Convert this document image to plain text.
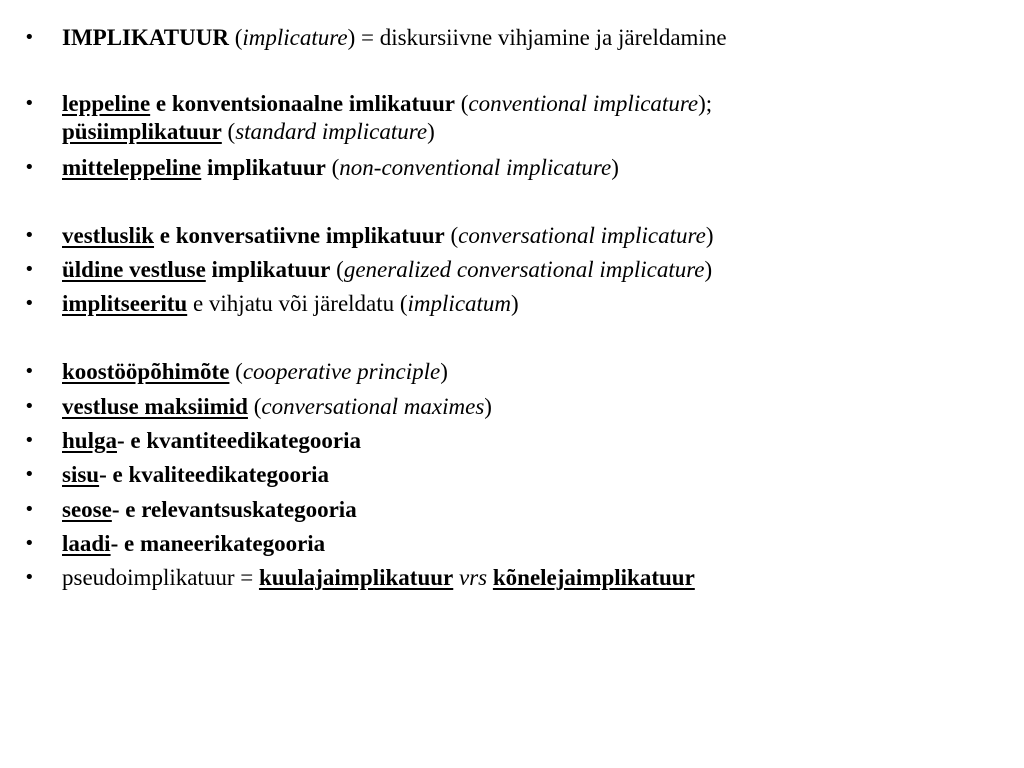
• IMPLIKATUUR (implicature) = diskursiivne vihjamine ja järeldamine
• leppeline e konventsionaalne imlikatuur (conventional implicature);
püsiimplikatuur (standard implicature)
• mitteleppeline implikatuur (non-conventional implicature)
• vestluslik e konversatiivne implikatuur (conversational implicature)
• üldine vestluse implikatuur (generalized conversational implicature)
• implitseeritu e vihjatu või järeldatu (implicatum)
• koostööpõhimõte (cooperative principle)
• vestluse maksiimid (conversational maximes)
• hulga- e kvantiteedikategooria
• sisu- e kvaliteedikategooria
• seose- e relevantsuskategooria
• laadi- e maneerikategooria
• pseudoimplikatuur = kuulajaimplikatuur vrs kõnelejaimplikatuur
